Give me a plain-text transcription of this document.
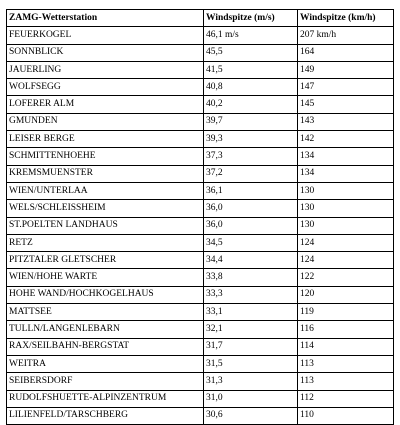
ZAMG-Wetterstation	Windspitze (m/s)	Windspitze (km/h)
FEUERKOGEL	46,1 m/s	207 km/h
SONNBLICK	45,5	164
JAUERLING	41,5	149
WOLFSEGG	40,8	147
LOFERER ALM	40,2	145
GMUNDEN	39,7	143
LEISER BERGE	39,3	142
SCHMITTENHOEHE	37,3	134
KREMSMUENSTER	37,2	134
WIEN/UNTERLAA	36,1	130
WELS/SCHLEISSHEIM	36,0	130
ST.POELTEN LANDHAUS	36,0	130
RETZ	34,5	124
PITZTALER GLETSCHER	34,4	124
WIEN/HOHE WARTE	33,8	122
HOHE WAND/HOCHKOGELHAUS	33,3	120
MATTSEE	33,1	119
TULLN/LANGENLEBARN	32,1	116
RAX/SEILBAHN-BERGSTAT	31,7	114
WEITRA	31,5	113
SEIBERSDORF	31,3	113
RUDOLFSHUETTE-ALPINZENTRUM	31,0	112
LILIENFELD/TARSCHBERG	30,6	110
